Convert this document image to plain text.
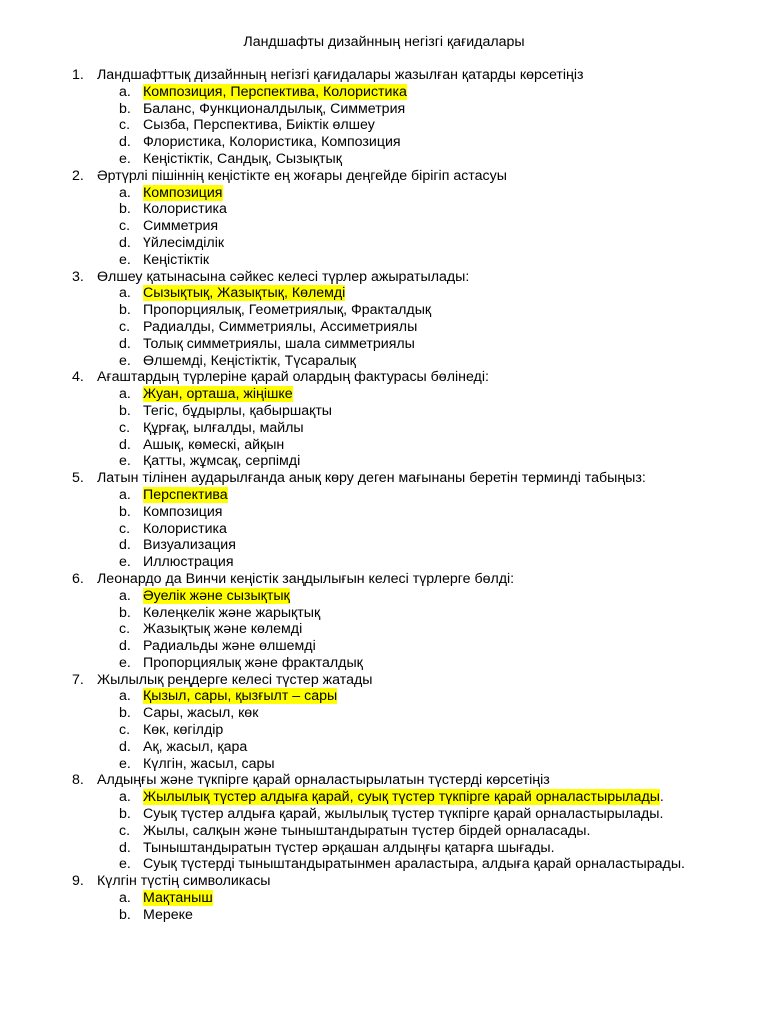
Ландшафты дизайнның негізгі қағидалары
1. Ландшафттық дизайнның негізгі қағидалары жазылған қатарды көрсетіңіз
a. Композиция, Перспектива, Колористика
b. Баланс, Функционалдылық, Симметрия
c. Сызба, Перспектива, Биіктік өлшеу
d. Флористика, Колористика, Композиция
e. Кеңістіктік, Сандық, Сызықтық
2. Әртүрлі пішіннің кеңістікте ең жоғары деңгейде бірігіп астасуы
a. Композиция
b. Колористика
c. Симметрия
d. Үйлесімділік
e. Кеңістіктік
3. Өлшеу қатынасына сәйкес келесі түрлер ажыратылады:
a. Сызықтық, Жазықтық, Көлемді
b. Пропорциялық, Геометриялық, Фракталдық
c. Радиалды, Симметриялы, Ассиметриялы
d. Толық симметриялы, шала симметриялы
e. Өлшемді, Кеңістіктік, Түсаралық
4. Ағаштардың түрлеріне қарай олардың фактурасы бөлінеді:
a. Жуан, орташа, жіңішке
b. Тегіс, бұдырлы, қабыршақты
c. Құрғақ, ылғалды, майлы
d. Ашық, көмескі, айқын
e. Қатты, жұмсақ, серпімді
5. Латын тілінен аударылғанда анық көру деген мағынаны беретін терминді табыңыз:
a. Перспектива
b. Композиция
c. Колористика
d. Визуализация
e. Иллюстрация
6. Леонардо да Винчи кеңістік заңдылығын келесі түрлерге бөлді:
a. Әуелік және сызықтық
b. Көлеңкелік және жарықтық
c. Жазықтық және көлемді
d. Радиальды және өлшемді
e. Пропорциялық және фракталдық
7. Жылылық реңдерге келесі түстер жатады
a. Қызыл, сары, қызғылт – сары
b. Сары, жасыл, көк
c. Көк, көгілдір
d. Ақ, жасыл, қара
e. Күлгін, жасыл, сары
8. Алдыңғы және түкпірге қарай орналастырылатын түстерді көрсетіңіз
a. Жылылық түстер алдыға қарай, суық түстер түкпірге қарай орналастырылады.
b. Суық түстер алдыға қарай, жылылық түстер түкпірге қарай орналастырылады.
c. Жылы, салқын және тыныштандыратын түстер бірдей орналасады.
d. Тыныштандыратын түстер әрқашан алдыңғы қатарға шығады.
e. Суық түстерді тыныштандыратынмен араластыра, алдыға қарай орналастырады.
9. Күлгін түстің символикасы
a. Мақтаныш
b. Мереке
